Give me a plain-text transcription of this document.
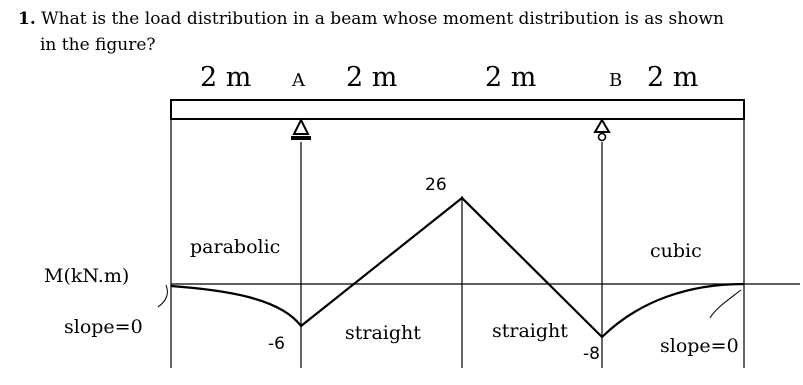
1. What is the load distribution in a beam whose moment distribution is as shown
in the figure?
2 m A 2 m	2 m	B 2 m
M(kN.m)
slope=0
parabolic
straight	straight
cubic
slope=0
-6
26
-8
